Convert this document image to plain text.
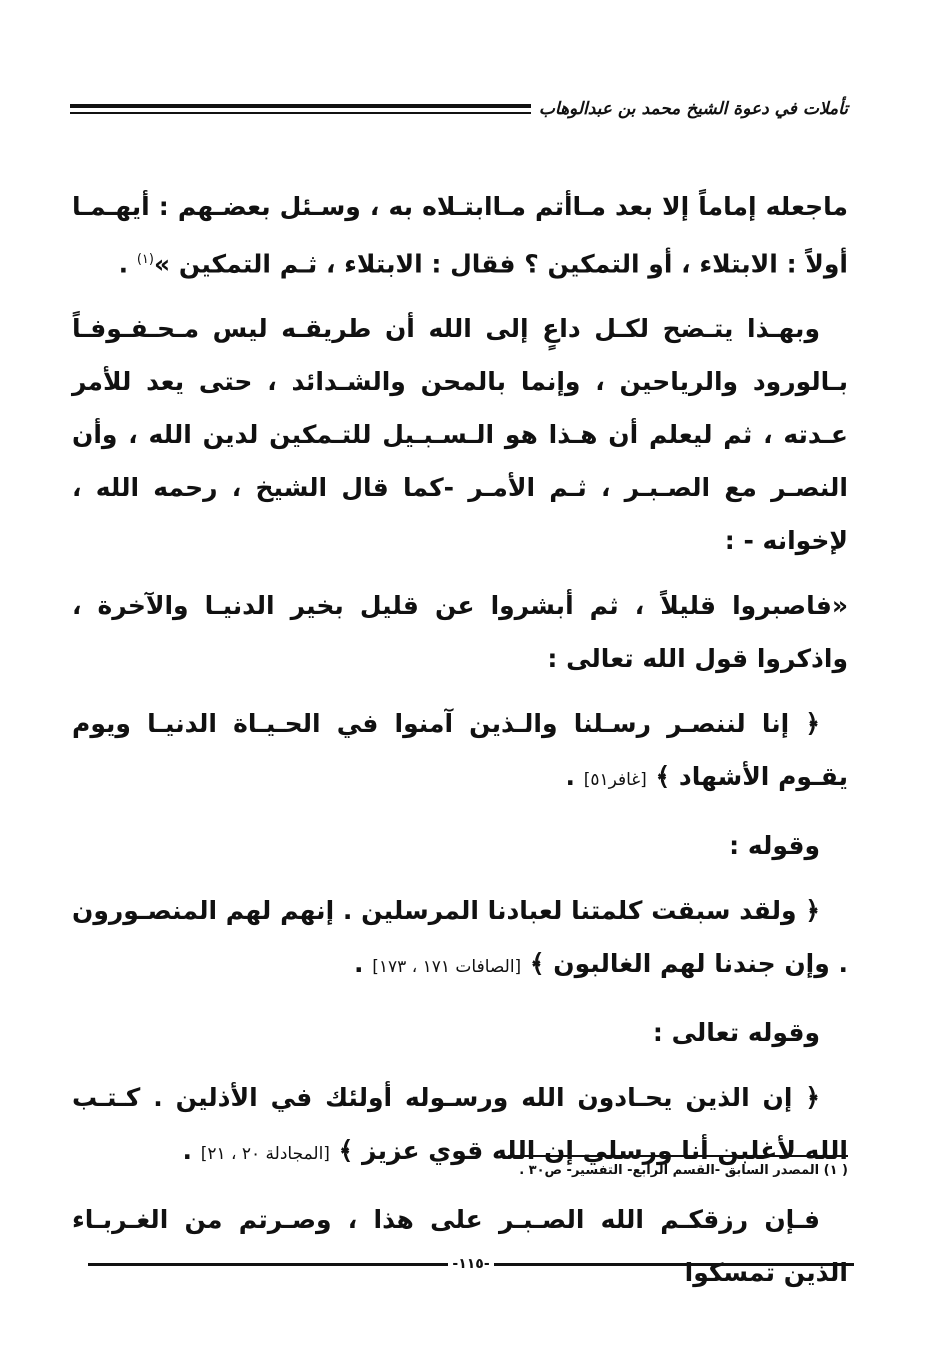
تأملات في دعوة الشيخ محمد بن عبدالوهاب

ماجعله إماماً إلا بعد مـاأتم مـاابتـلاه به ، وسـئل بعضـهم : أيهـمـا أولاً : الابتلاء ، أو التمكين ؟ فقال : الابتلاء ، ثـم التمكين »$^{(١)}$ .

وبهـذا يتـضح لكـل داعٍ إلى الله أن طريقـه ليس مـحـفـوفـاً بـالورود والرياحين ، وإنما بالمحن والشـدائد ، حتى يعد للأمر عـدته ، ثم ليعلم أن هـذا هو الـسـبـيل للتـمكين لدين الله ، وأن النصـر مع الصـبـر ، ثـم الأمـر -كما قال الشيخ ، رحمه الله ، لإخوانه - :

«فاصبروا قليلاً ، ثم أبشروا عن قليل بخير الدنيـا والآخرة ، واذكروا قول الله تعالى :

﴿ إنا لننصـر رسـلنا والـذين آمنوا في الحـيـاة الدنيـا ويوم يقـوم الأشهاد ﴾ [غافر٥١] .

وقوله :

﴿ ولقد سبقت كلمتنا لعبادنا المرسلين . إنهم لهم المنصـورون . وإن جندنا لهم الغالبون ﴾ [الصافات ١٧١ ، ١٧٣] .

وقوله تعالى :

﴿ إن الذين يحـادون الله ورسـوله أولئك في الأذلين . كـتـب الله لأغلبن أنا ورسلي إن الله قوي عزيز ﴾ [المجادلة ٢٠ ، ٢١] .

فـإن رزقكـم الله الصـبـر على هذا ، وصـرتم من الغـربـاء الذين تمسكوا

( ١) المصدر السابق -القسم الرابع- التفسير- ص٣٠ .
-١١٥-
